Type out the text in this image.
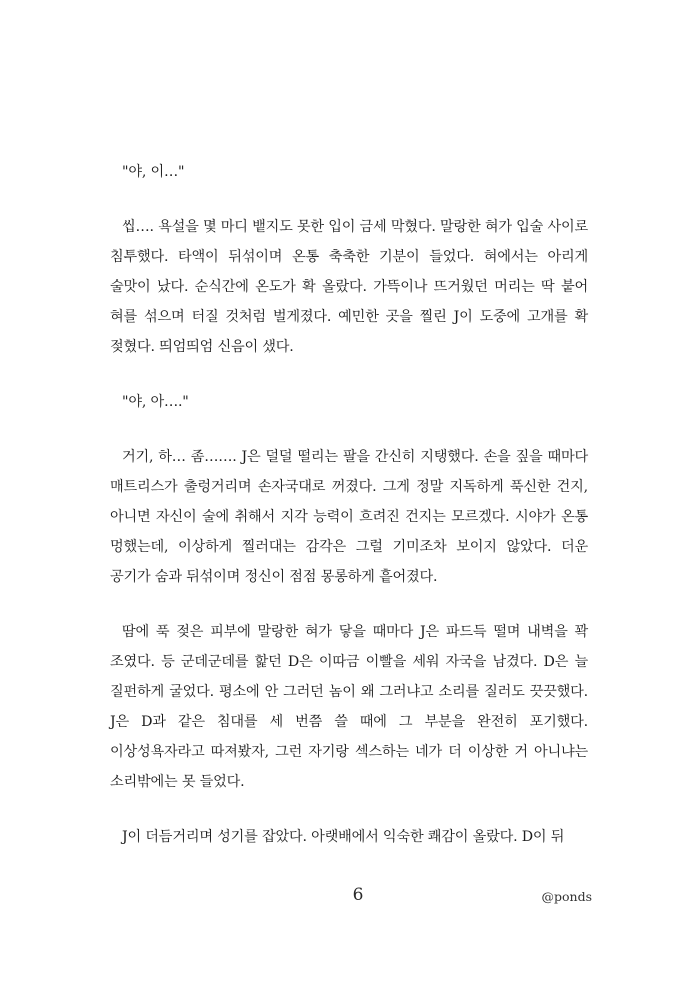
"야, 이…"

씹…. 욕설을 몇 마디 뱉지도 못한 입이 금세 막혔다. 말랑한 혀가 입술 사이로 침투했다. 타액이 뒤섞이며 온통 축축한 기분이 들었다. 혀에서는 아리게 술맛이 났다. 순식간에 온도가 확 올랐다. 가뜩이나 뜨거웠던 머리는 딱 붙어 혀를 섞으며 터질 것처럼 벌게졌다. 예민한 곳을 찔린 J이 도중에 고개를 확 젖혔다. 띄엄띄엄 신음이 샜다.

"야, 아…."

거기, 하… 좀……. J은 덜덜 떨리는 팔을 간신히 지탱했다. 손을 짚을 때마다 매트리스가 출렁거리며 손자국대로 꺼졌다. 그게 정말 지독하게 푹신한 건지, 아니면 자신이 술에 취해서 지각 능력이 흐려진 건지는 모르겠다. 시야가 온통 멍했는데, 이상하게 찔러대는 감각은 그럴 기미조차 보이지 않았다. 더운 공기가 숨과 뒤섞이며 정신이 점점 몽롱하게 흩어졌다.

땀에 푹 젖은 피부에 말랑한 혀가 닿을 때마다 J은 파드득 떨며 내벽을 꽉 조였다. 등 군데군데를 핥던 D은 이따금 이빨을 세워 자국을 남겼다. D은 늘 질펀하게 굴었다. 평소에 안 그러던 놈이 왜 그러냐고 소리를 질러도 끗끗했다. J은 D과 같은 침대를 세 번쯤 쓸 때에 그 부분을 완전히 포기했다. 이상성욕자라고 따져봤자, 그런 자기랑 섹스하는 네가 더 이상한 거 아니냐는 소리밖에는 못 들었다.

J이 더듬거리며 성기를 잡았다. 아랫배에서 익숙한 쾌감이 올랐다. D이 뒤

6	@ponds
